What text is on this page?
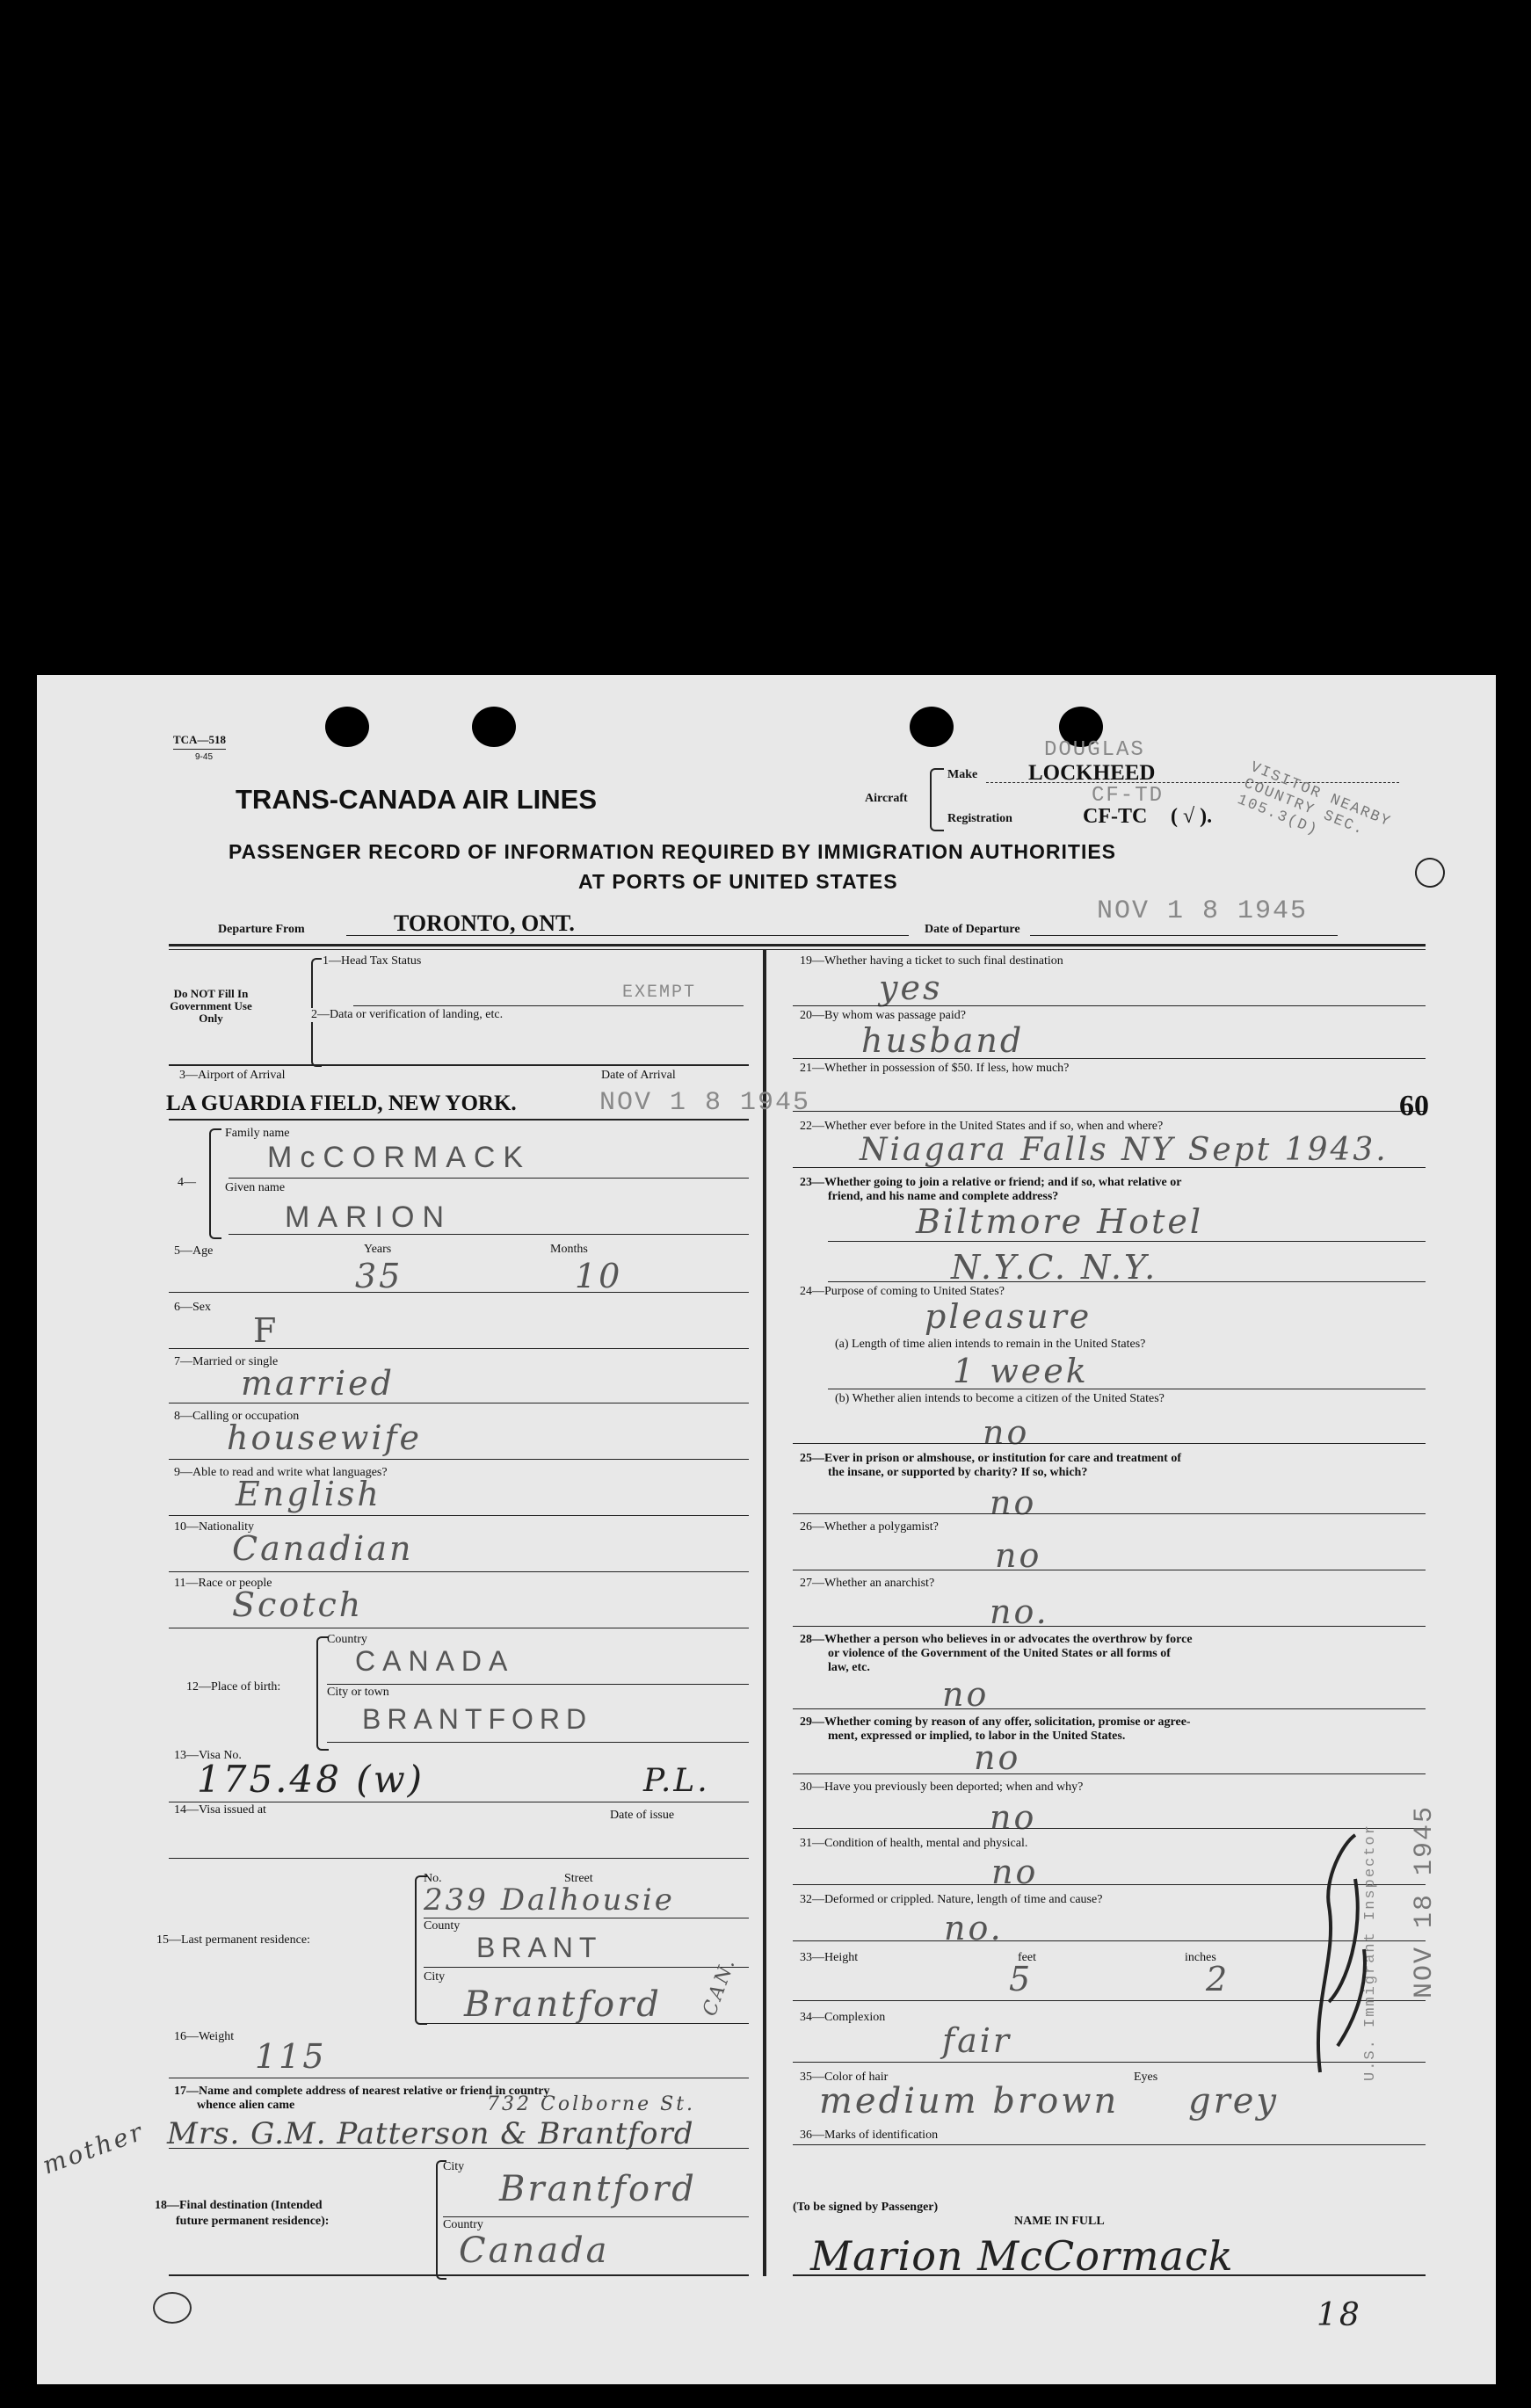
TCA—518
9-45
TRANS-CANADA AIR LINES	Aircraft
Make
Registration
DOUGLAS
LOCKHEED
CF-TD
CF-TC ( √ ).	VISITOR NEARBY COUNTRY SEC. 105.3(D)
PASSENGER RECORD OF INFORMATION REQUIRED BY IMMIGRATION AUTHORITIES
AT PORTS OF UNITED STATES
Departure From	TORONTO, ONT.	Date of Departure
NOV 1 8 1945
Do NOT Fill In Government Use Only
1—Head Tax Status
EXEMPT
2—Data or verification of landing, etc.
3—Airport of Arrival	Date of Arrival
LA GUARDIA FIELD, NEW YORK.	NOV 1 8 1945
4—
Family name
McCORMACK
Given name
MARION
5—Age	Years	Months
35	10
6—Sex
F
7—Married or single
married
8—Calling or occupation
housewife
9—Able to read and write what languages?
English
10—Nationality
Canadian
11—Race or people
Scotch
12—Place of birth:
Country
CANADA
City or town
BRANTFORD
13—Visa No.
175.48 (w)	P.L.
14—Visa issued at	Date of issue
15—Last permanent residence:
No.	Street
239 Dalhousie
County
BRANT
City
Brantford CAN.
16—Weight
115
17—Name and complete address of nearest relative or friend in country
whence alien came	732 Colborne St.
Mrs. G.M. Patterson & Brantford
mother
18—Final destination (Intended
future permanent residence):
City
Brantford
Country
Canada
19—Whether having a ticket to such final destination
yes
20—By whom was passage paid?
husband
21—Whether in possession of $50. If less, how much?
60
22—Whether ever before in the United States and if so, when and where?
Niagara Falls NY Sept 1943.
23—Whether going to join a relative or friend; and if so, what relative or
friend, and his name and complete address?
Biltmore Hotel
N.Y.C. N.Y.
24—Purpose of coming to United States?
pleasure
(a) Length of time alien intends to remain in the United States?
1 week
(b) Whether alien intends to become a citizen of the United States?
no
25—Ever in prison or almshouse, or institution for care and treatment of
the insane, or supported by charity? If so, which?
no
26—Whether a polygamist?
no
27—Whether an anarchist?
no.
28—Whether a person who believes in or advocates the overthrow by force
or violence of the Government of the United States or all forms of
law, etc.
no
29—Whether coming by reason of any offer, solicitation, promise or agree-
ment, expressed or implied, to labor in the United States.
no
30—Have you previously been deported; when and why?
no
31—Condition of health, mental and physical.
no
32—Deformed or crippled. Nature, length of time and cause?
no.
33—Height	feet	inches
5	2
34—Complexion
fair
35—Color of hair	Eyes
medium brown grey
36—Marks of identification
(To be signed by Passenger)
NAME IN FULL
Marion McCormack
U.S. Immigrant Inspector NOV 18 1945
18
